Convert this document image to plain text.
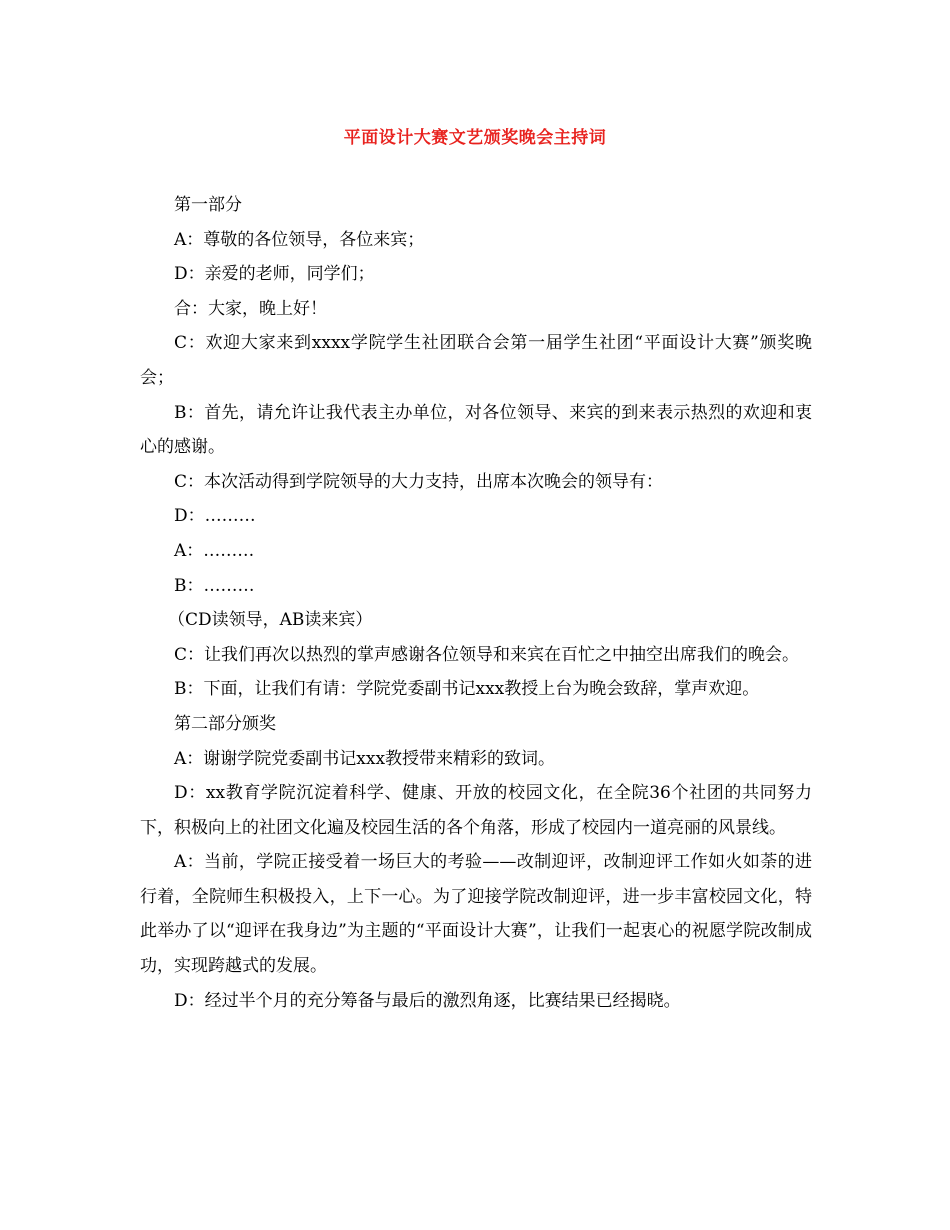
平面设计大赛文艺颁奖晚会主持词

第一部分

A：尊敬的各位领导，各位来宾；

D：亲爱的老师，同学们；

合：大家，晚上好！

C：欢迎大家来到xxxx学院学生社团联合会第一届学生社团“平面设计大赛”颁奖晚会；

B：首先，请允许让我代表主办单位，对各位领导、来宾的到来表示热烈的欢迎和衷心的感谢。

C：本次活动得到学院领导的大力支持，出席本次晚会的领导有：

D：………

A：………

B：………

（CD读领导，AB读来宾）

C：让我们再次以热烈的掌声感谢各位领导和来宾在百忙之中抽空出席我们的晚会。

B：下面，让我们有请：学院党委副书记xxx教授上台为晚会致辞，掌声欢迎。

第二部分颁奖

A：谢谢学院党委副书记xxx教授带来精彩的致词。

D：xx教育学院沉淀着科学、健康、开放的校园文化，在全院36个社团的共同努力下，积极向上的社团文化遍及校园生活的各个角落，形成了校园内一道亮丽的风景线。

A：当前，学院正接受着一场巨大的考验——改制迎评，改制迎评工作如火如荼的进行着，全院师生积极投入，上下一心。为了迎接学院改制迎评，进一步丰富校园文化，特此举办了以“迎评在我身边”为主题的“平面设计大赛”，让我们一起衷心的祝愿学院改制成功，实现跨越式的发展。

D：经过半个月的充分筹备与最后的激烈角逐，比赛结果已经揭晓。
